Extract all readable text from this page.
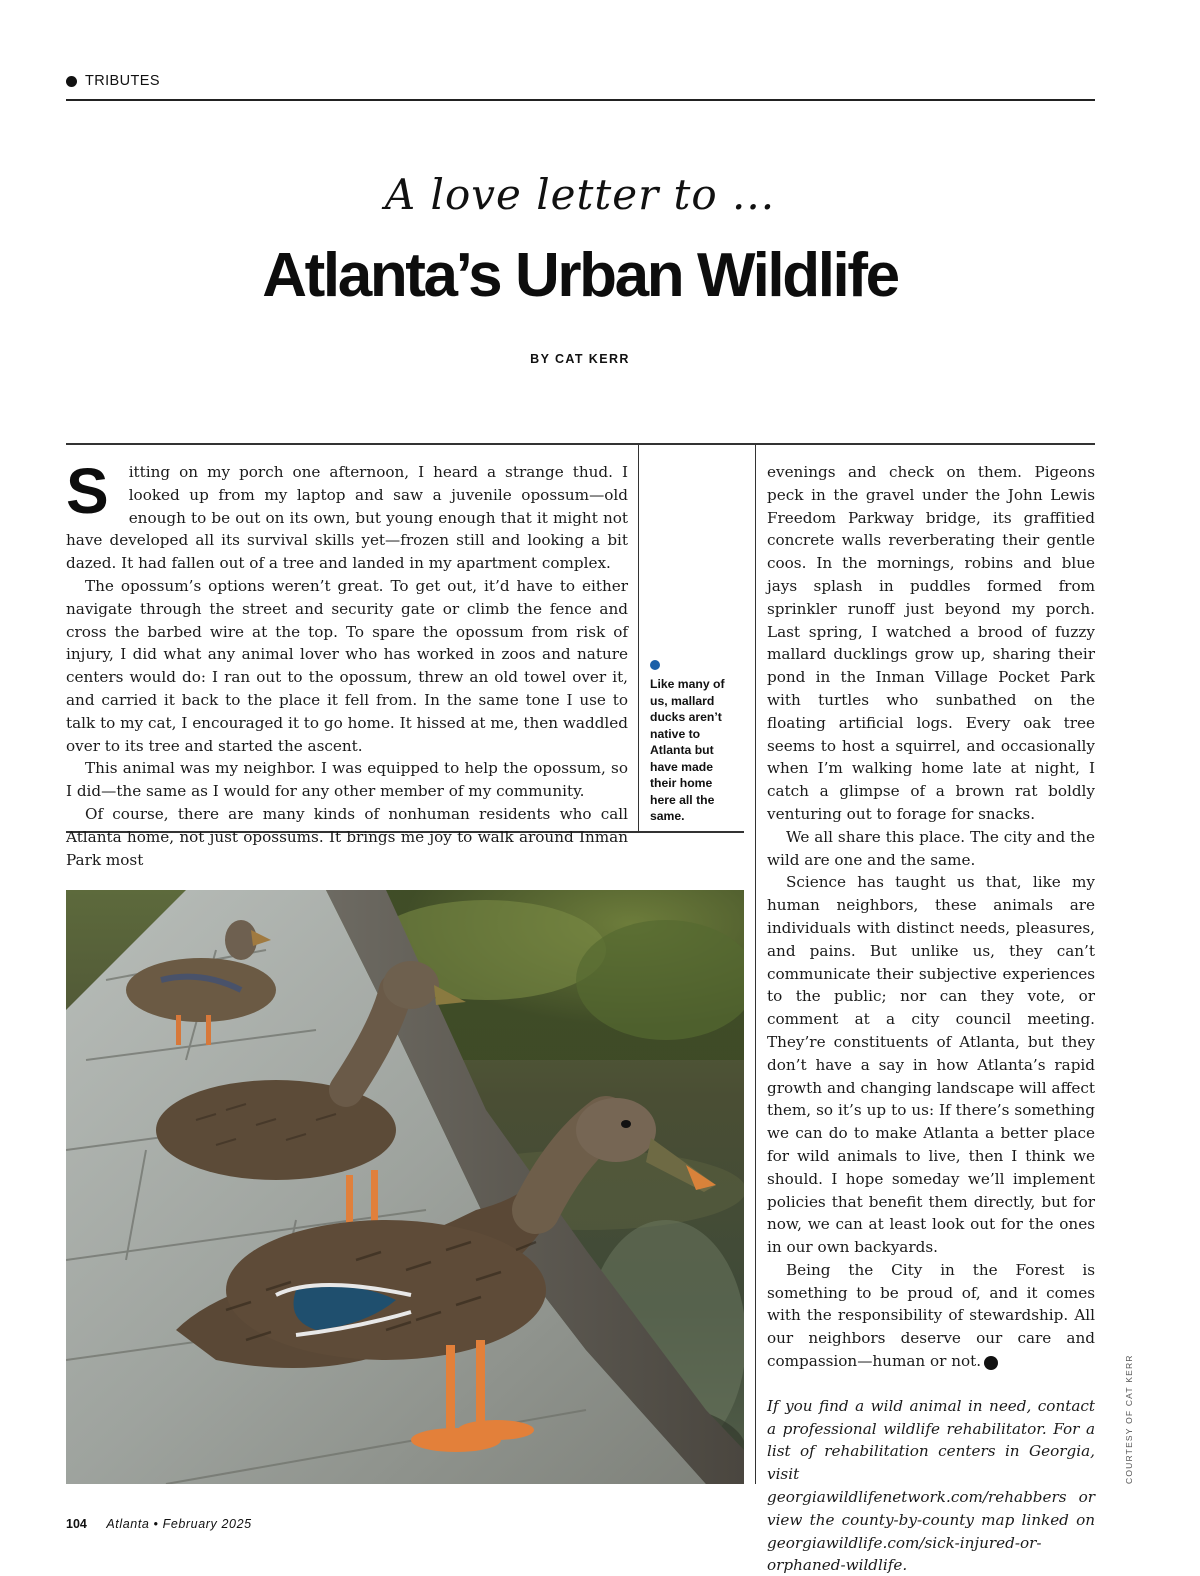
TRIBUTES
A love letter to ...
Atlanta’s Urban Wildlife
BY CAT KERR

S itting on my porch one afternoon, I heard a strange thud. I looked up from my laptop and saw a juvenile opossum—old enough to be out on its own, but young enough that it might not have developed all its survival skills yet—frozen still and looking a bit dazed. It had fallen out of a tree and landed in my apartment complex.

The opossum’s options weren’t great. To get out, it’d have to either navigate through the street and security gate or climb the fence and cross the barbed wire at the top. To spare the opossum from risk of injury, I did what any animal lover who has worked in zoos and nature centers would do: I ran out to the opossum, threw an old towel over it, and carried it back to the place it fell from. In the same tone I use to talk to my cat, I encouraged it to go home. It hissed at me, then waddled over to its tree and started the ascent.

This animal was my neighbor. I was equipped to help the opossum, so I did—the same as I would for any other member of my community.

Of course, there are many kinds of nonhuman residents who call Atlanta home, not just opossums. It brings me joy to walk around Inman Park most

Like many of us, mallard ducks aren’t native to Atlanta but have made their home here all the same.

evenings and check on them. Pigeons peck in the gravel under the John Lewis Freedom Parkway bridge, its graffitied concrete walls reverberating their gentle coos. In the mornings, robins and blue jays splash in puddles formed from sprinkler runoff just beyond my porch. Last spring, I watched a brood of fuzzy mallard ducklings grow up, sharing their pond in the Inman Village Pocket Park with turtles who sunbathed on the floating artificial logs. Every oak tree seems to host a squirrel, and occasionally when I’m walking home late at night, I catch a glimpse of a brown rat boldly venturing out to forage for snacks.

We all share this place. The city and the wild are one and the same.

Science has taught us that, like my human neighbors, these animals are individuals with distinct needs, pleasures, and pains. But unlike us, they can’t communicate their subjective experiences to the public; nor can they vote, or comment at a city council meeting. They’re constituents of Atlanta, but they don’t have a say in how Atlanta’s rapid growth and changing landscape will affect them, so it’s up to us: If there’s something we can do to make Atlanta a better place for wild animals to live, then I think we should. I hope someday we’ll implement policies that benefit them directly, but for now, we can at least look out for the ones in our own backyards.

Being the City in the Forest is something to be proud of, and it comes with the responsibility of stewardship. All our neighbors deserve our care and compassion—human or not. A

If you find a wild animal in need, contact a professional wildlife rehabilitator. For a list of rehabilitation centers in Georgia, visit georgiawildlifenetwork.com/rehabbers or view the county-by-county map linked on georgiawildlife.com/sick-injured-or-orphaned-wildlife.

COURTESY OF CAT KERR
104 Atlanta • February 2025
